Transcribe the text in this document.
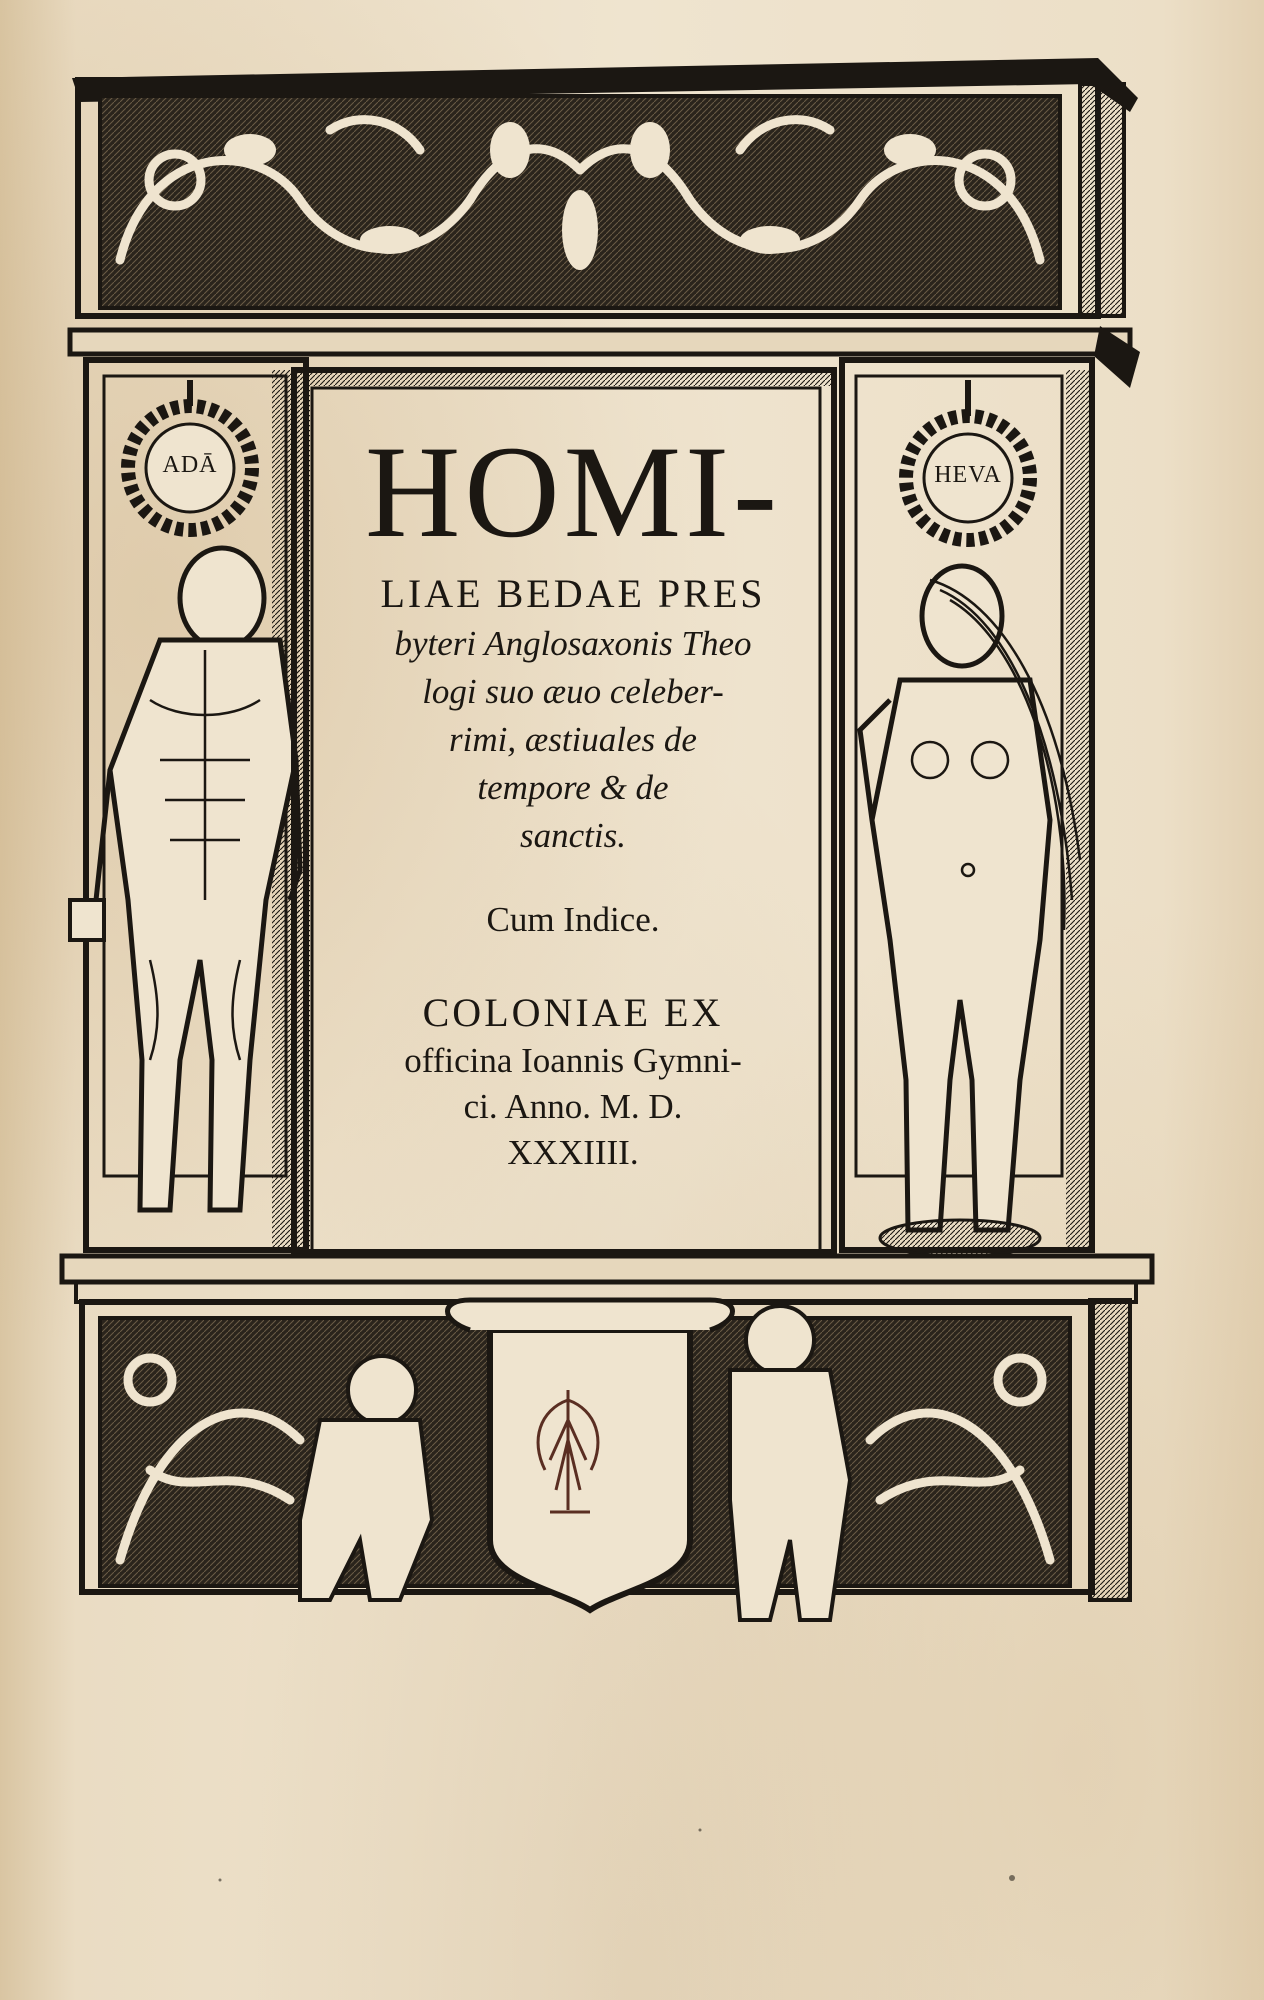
ADĀ	HEVA
HOMI-
LIAE BEDAE PRES
byteri Anglosaxonis Theo
logi suo æuo celeber-
rimi, æstiuales de
tempore & de
sanctis.
Cum Indice.
COLONIAE EX
officina Ioannis Gymni-
ci. Anno. M. D.
XXXIIII.
